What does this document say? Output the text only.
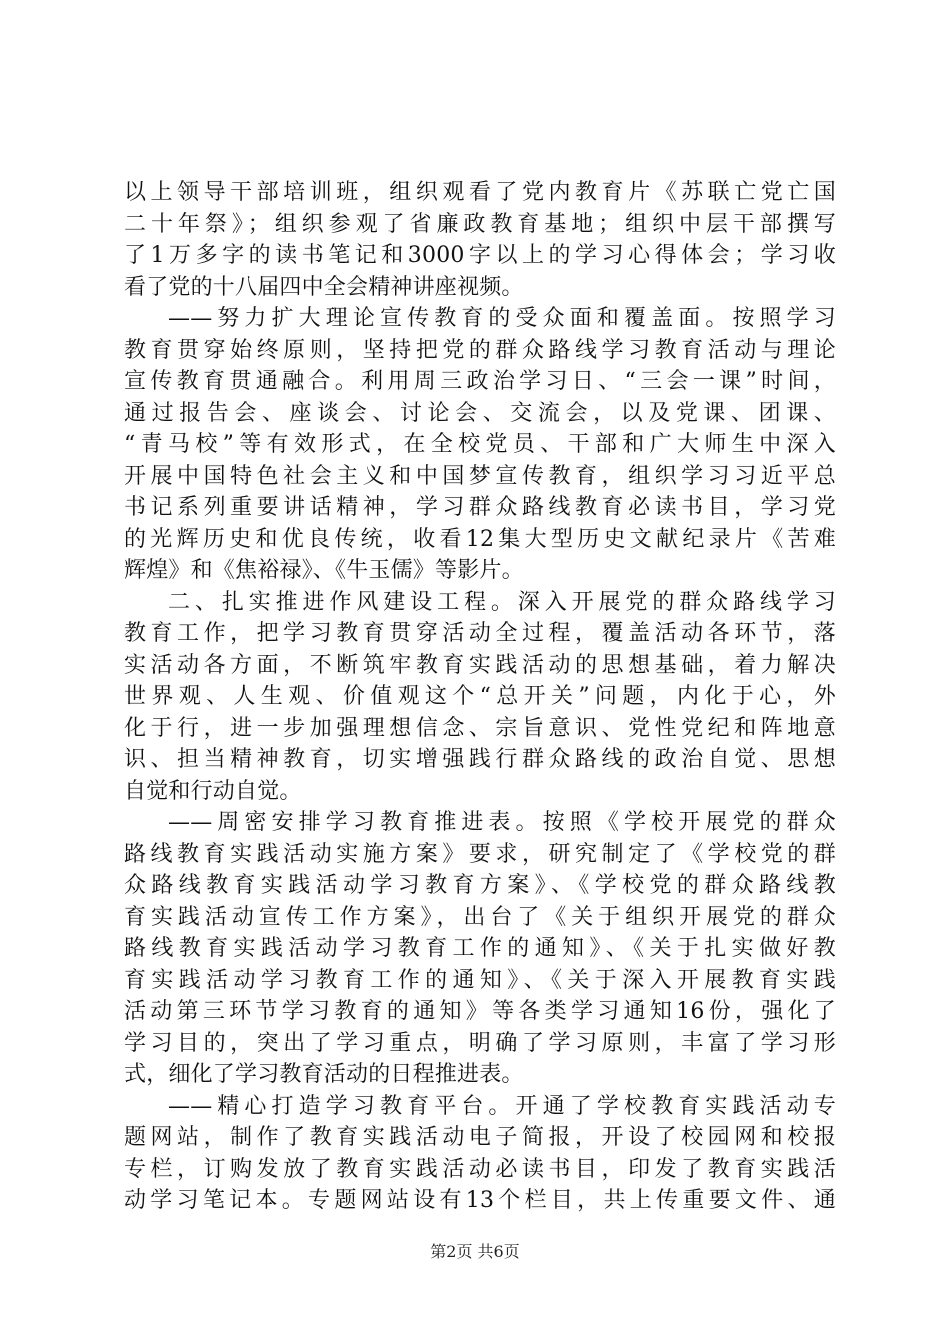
以上领导干部培训班，组织观看了党内教育片《苏联亡党亡国
二十年祭》；组织参观了省廉政教育基地；组织中层干部撰写
了1万多字的读书笔记和3000字以上的学习心得体会；学习收
看了党的十八届四中全会精神讲座视频。
——努力扩大理论宣传教育的受众面和覆盖面。按照学习
教育贯穿始终原则，坚持把党的群众路线学习教育活动与理论
宣传教育贯通融合。利用周三政治学习日、“三会一课”时间，
通过报告会、座谈会、讨论会、交流会，以及党课、团课、
“青马校”等有效形式，在全校党员、干部和广大师生中深入
开展中国特色社会主义和中国梦宣传教育，组织学习习近平总
书记系列重要讲话精神，学习群众路线教育必读书目，学习党
的光辉历史和优良传统，收看12集大型历史文献纪录片《苦难
辉煌》和《焦裕禄》、《牛玉儒》等影片。
二、扎实推进作风建设工程。深入开展党的群众路线学习
教育工作，把学习教育贯穿活动全过程，覆盖活动各环节，落
实活动各方面，不断筑牢教育实践活动的思想基础，着力解决
世界观、人生观、价值观这个“总开关”问题，内化于心，外
化于行，进一步加强理想信念、宗旨意识、党性党纪和阵地意
识、担当精神教育，切实增强践行群众路线的政治自觉、思想
自觉和行动自觉。
——周密安排学习教育推进表。按照《学校开展党的群众
路线教育实践活动实施方案》要求，研究制定了《学校党的群
众路线教育实践活动学习教育方案》、《学校党的群众路线教
育实践活动宣传工作方案》，出台了《关于组织开展党的群众
路线教育实践活动学习教育工作的通知》、《关于扎实做好教
育实践活动学习教育工作的通知》、《关于深入开展教育实践
活动第三环节学习教育的通知》等各类学习通知16份，强化了
学习目的，突出了学习重点，明确了学习原则，丰富了学习形
式，细化了学习教育活动的日程推进表。
——精心打造学习教育平台。开通了学校教育实践活动专
题网站，制作了教育实践活动电子简报，开设了校园网和校报
专栏，订购发放了教育实践活动必读书目，印发了教育实践活
动学习笔记本。专题网站设有13个栏目，共上传重要文件、通
第2页 共6页
